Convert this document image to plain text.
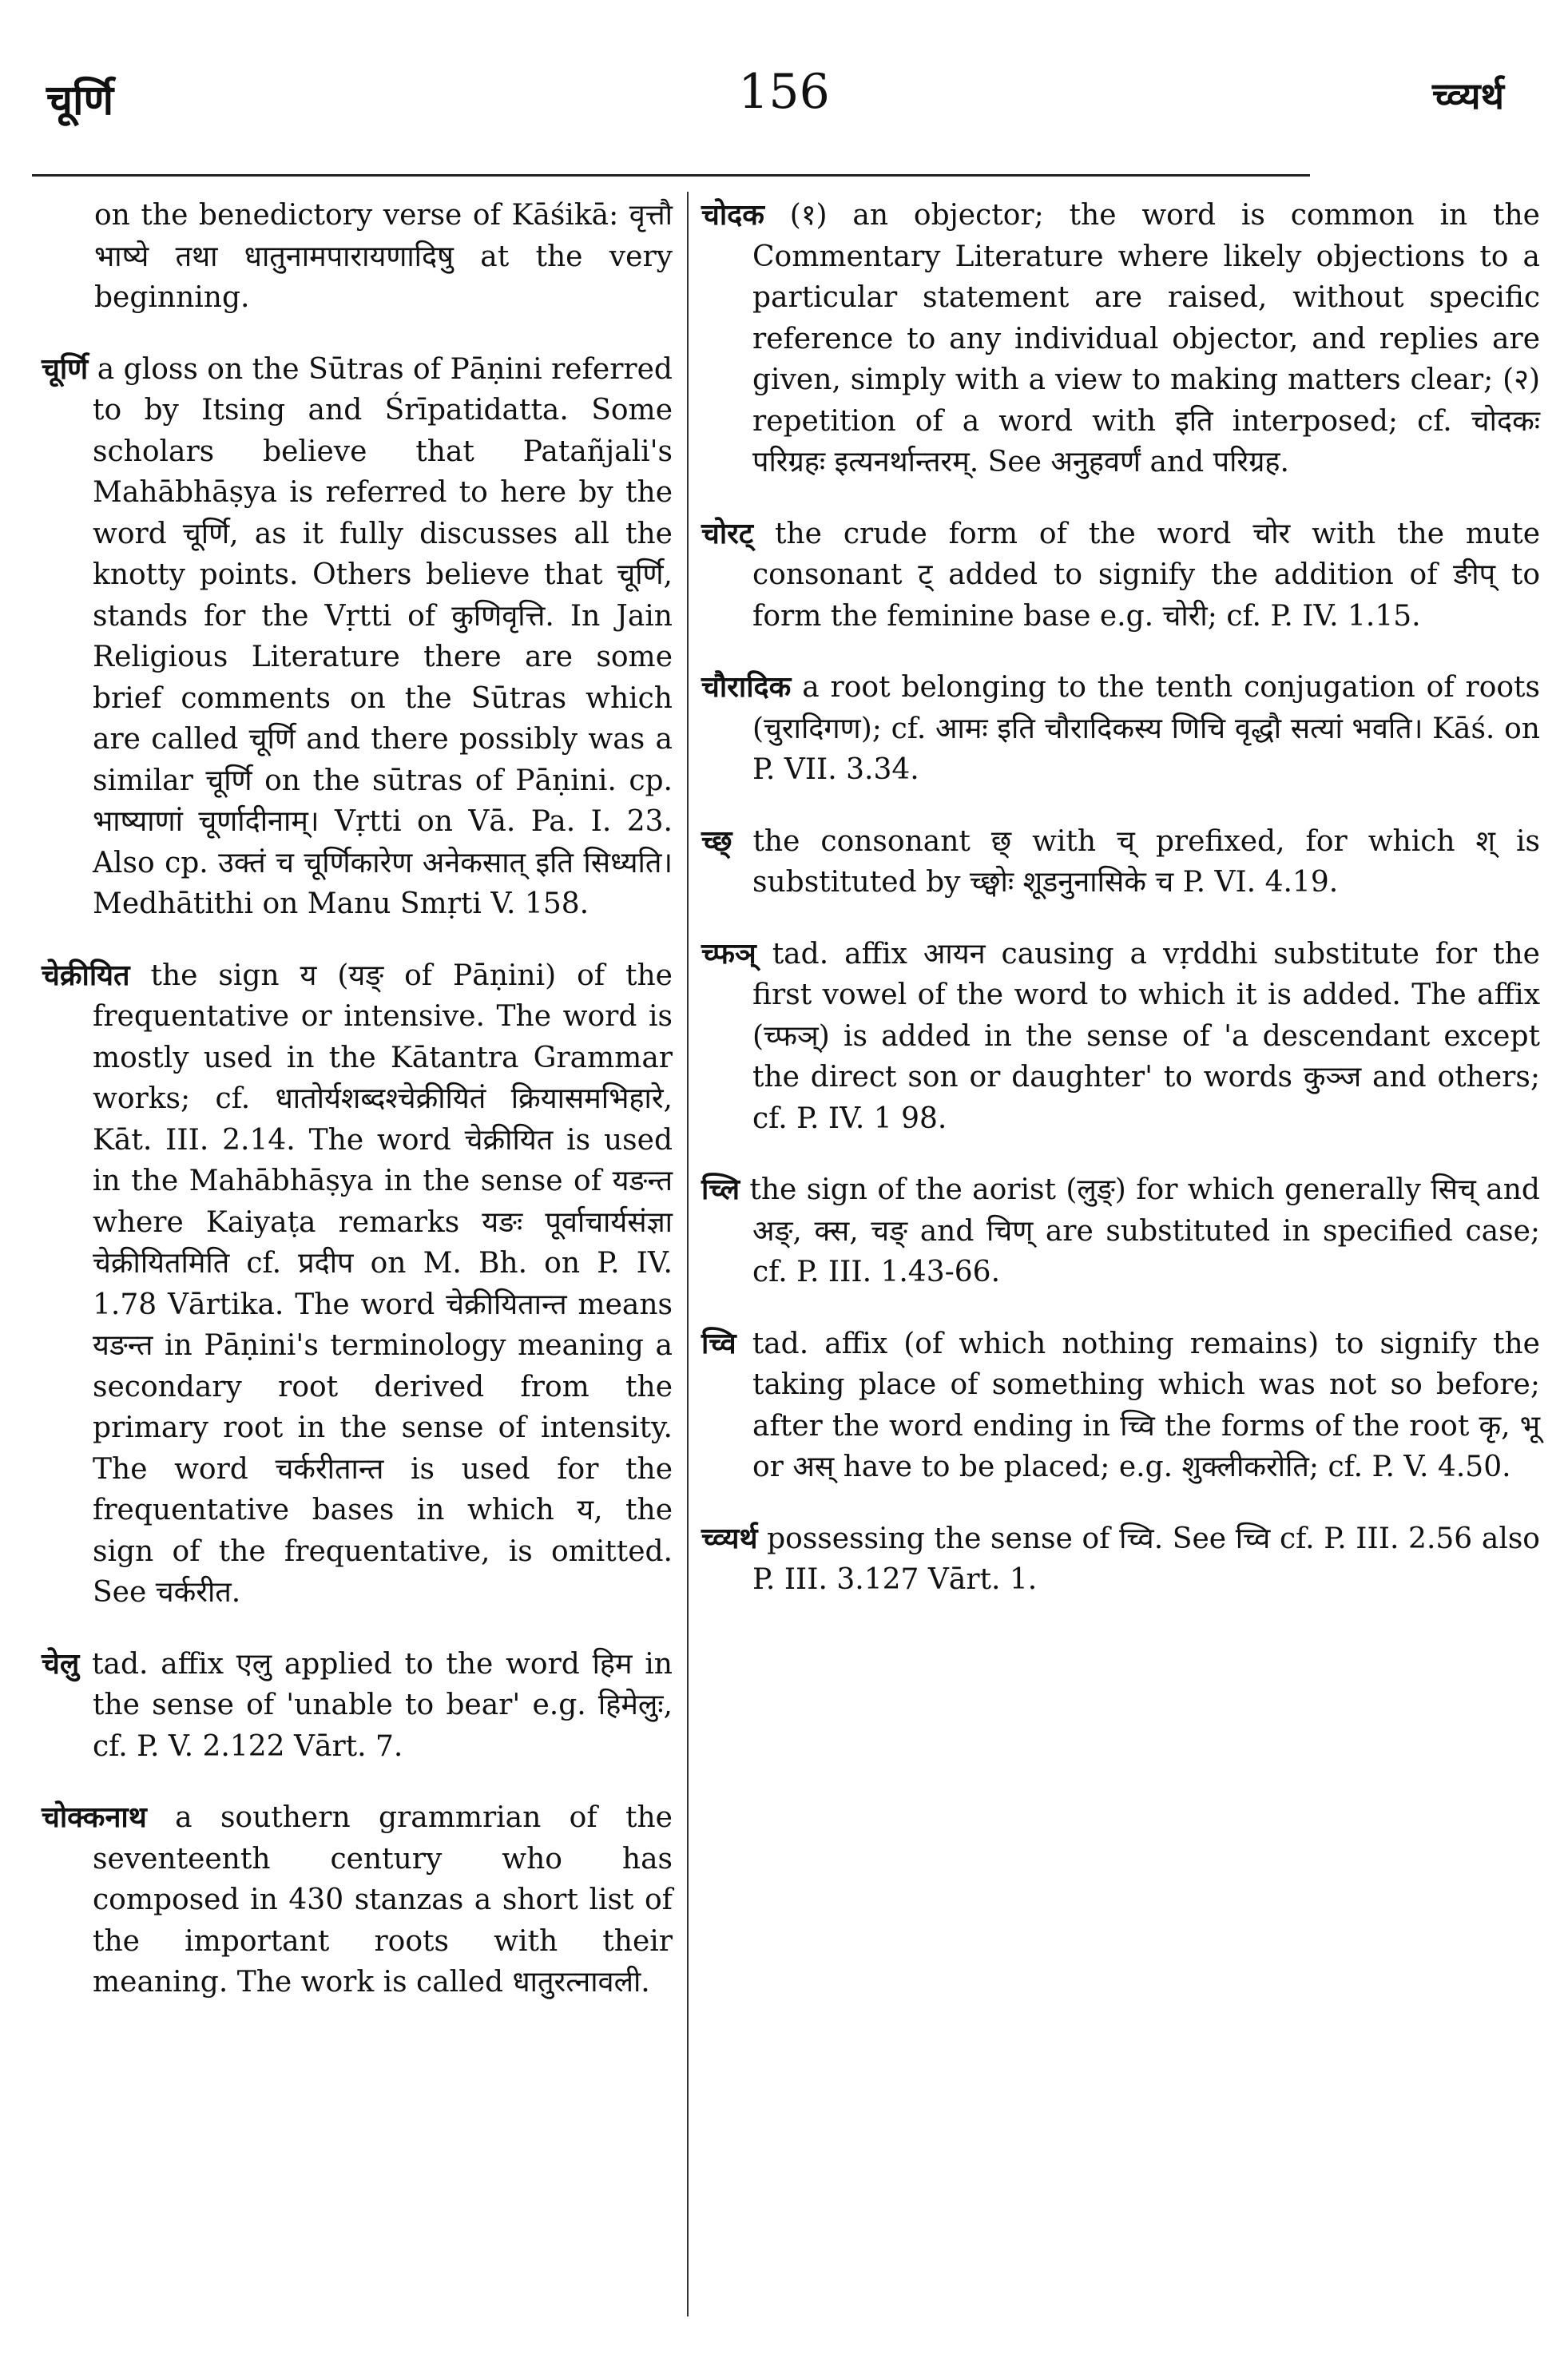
चूर्णि	156	च्व्यर्थ

on the benedictory verse of Kāśikā: वृत्तौ भाष्ये तथा धातुनामपारायणादिषु at the very beginning.

चूर्णि a gloss on the Sūtras of Pāṇini referred to by Itsing and Śrīpatidatta. Some scholars believe that Patañjali's Mahābhāṣya is referred to here by the word चूर्णि, as it fully discusses all the knotty points. Others believe that चूर्णि, stands for the Vṛtti of कुणिवृत्ति. In Jain Religious Literature there are some brief comments on the Sūtras which are called चूर्णि and there possibly was a similar चूर्णि on the sūtras of Pāṇini. cp. भाष्याणां चूर्णादीनाम्। Vṛtti on Vā. Pa. I. 23. Also cp. उक्तं च चूर्णिकारेण अनेकसात् इति सिध्यति। Medhātithi on Manu Smṛti V. 158.

चेक्रीयित the sign य (यङ् of Pāṇini) of the frequentative or intensive. The word is mostly used in the Kātantra Grammar works; cf. धातोर्यशब्दश्चेक्रीयितं क्रियासमभिहारे, Kāt. III. 2.14. The word चेक्रीयित is used in the Mahābhāṣya in the sense of यङन्त where Kaiyaṭa remarks यङः पूर्वाचार्यसंज्ञा चेक्रीयितमिति cf. प्रदीप on M. Bh. on P. IV. 1.78 Vārtika. The word चेक्रीयितान्त means यङन्त in Pāṇini's terminology meaning a secondary root derived from the primary root in the sense of intensity. The word चर्करीतान्त is used for the frequentative bases in which य, the sign of the frequentative, is omitted. See चर्करीत.

चेलु tad. affix एलु applied to the word हिम in the sense of 'unable to bear' e.g. हिमेलुः, cf. P. V. 2.122 Vārt. 7.

चोक्कनाथ a southern grammrian of the seventeenth century who has composed in 430 stanzas a short list of the important roots with their meaning. The work is called धातुरत्नावली.

चोदक (१) an objector; the word is common in the Commentary Literature where likely objections to a particular statement are raised, without specific reference to any individual objector, and replies are given, simply with a view to making matters clear; (२) repetition of a word with इति interposed; cf. चोदकः परिग्रहः इत्यनर्थान्तरम्. See अनुहवर्णं and परिग्रह.

चोरट् the crude form of the word चोर with the mute consonant ट् added to signify the addition of ङीप् to form the feminine base e.g. चोरी; cf. P. IV. 1.15.

चौरादिक a root belonging to the tenth conjugation of roots (चुरादिगण); cf. आमः इति चौरादिकस्य णिचि वृद्धौ सत्यां भवति। Kāś. on P. VII. 3.34.

च्छ् the consonant छ् with च् prefixed, for which श् is substituted by च्छ्वोः शूडनुनासिके च P. VI. 4.19.

च्फञ् tad. affix आयन causing a vṛddhi substitute for the first vowel of the word to which it is added. The affix (च्फञ्) is added in the sense of 'a descendant except the direct son or daughter' to words कुञ्ज and others; cf. P. IV. 1 98.

च्लि the sign of the aorist (लुङ्) for which generally सिच् and अङ्, क्स, चङ् and चिण् are substituted in specified case; cf. P. III. 1.43-66.

च्वि tad. affix (of which nothing remains) to signify the taking place of something which was not so before; after the word ending in च्वि the forms of the root कृ, भू or अस् have to be placed; e.g. शुक्लीकरोति; cf. P. V. 4.50.

च्व्यर्थ possessing the sense of च्वि. See च्वि cf. P. III. 2.56 also P. III. 3.127 Vārt. 1.
